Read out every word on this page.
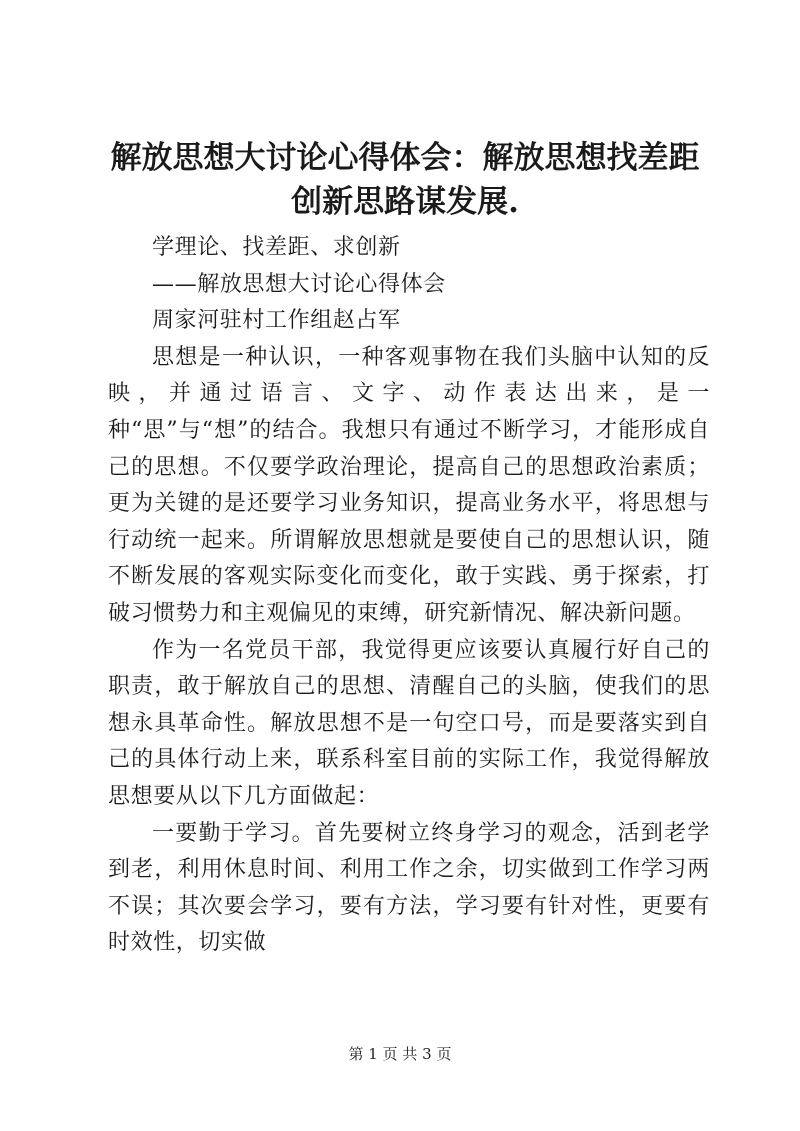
解放思想大讨论心得体会：解放思想找差距创新思路谋发展.

学理论、找差距、求创新

——解放思想大讨论心得体会

周家河驻村工作组赵占军

思想是一种认识，一种客观事物在我们头脑中认知的反映，并通过语言、文字、动作表达出来，是一种“思”与“想”的结合。我想只有通过不断学习，才能形成自己的思想。不仅要学政治理论，提高自己的思想政治素质；更为关键的是还要学习业务知识，提高业务水平，将思想与行动统一起来。所谓解放思想就是要使自己的思想认识，随不断发展的客观实际变化而变化，敢于实践、勇于探索，打破习惯势力和主观偏见的束缚，研究新情况、解决新问题。

作为一名党员干部，我觉得更应该要认真履行好自己的职责，敢于解放自己的思想、清醒自己的头脑，使我们的思想永具革命性。解放思想不是一句空口号，而是要落实到自己的具体行动上来，联系科室目前的实际工作，我觉得解放思想要从以下几方面做起：

一要勤于学习。首先要树立终身学习的观念，活到老学到老，利用休息时间、利用工作之余，切实做到工作学习两不误；其次要会学习，要有方法，学习要有针对性，更要有时效性，切实做

第 1 页 共 3 页
